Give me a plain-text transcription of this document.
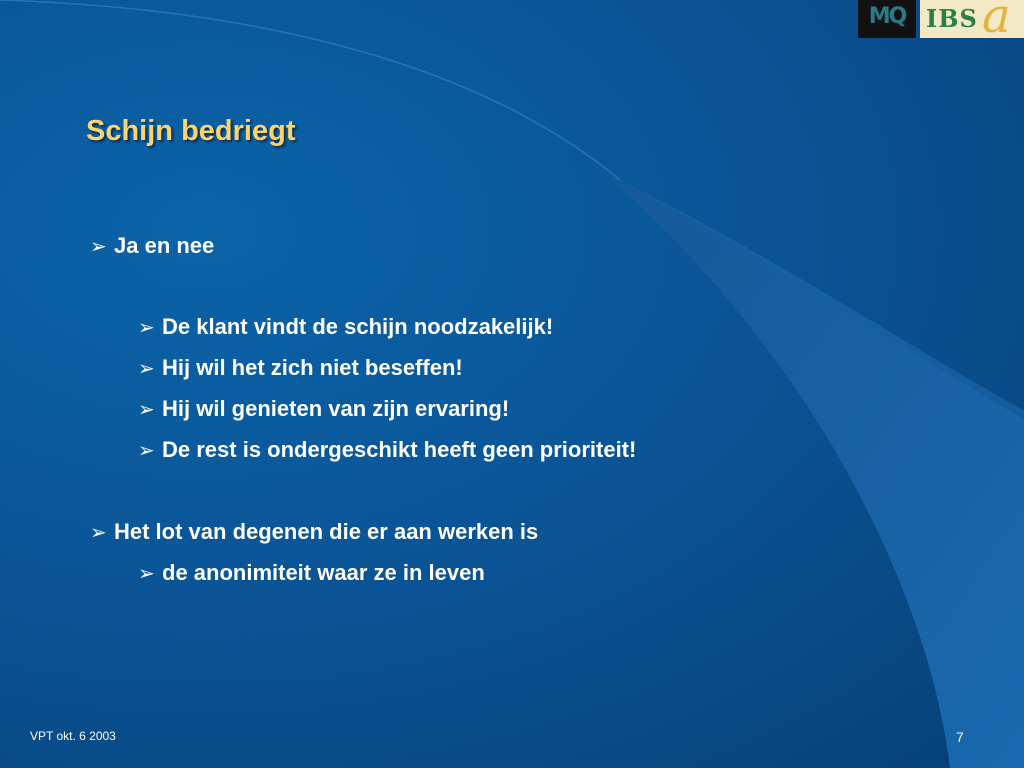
MQ IBS a
Schijn bedriegt
➢ Ja en nee
➢ De klant vindt de schijn noodzakelijk!
➢ Hij wil het zich niet beseffen!
➢ Hij wil genieten van zijn ervaring!
➢ De rest is ondergeschikt heeft geen prioriteit!
➢ Het lot van degenen die er aan werken is
➢ de anonimiteit waar ze in leven
VPT okt. 6 2003	7
